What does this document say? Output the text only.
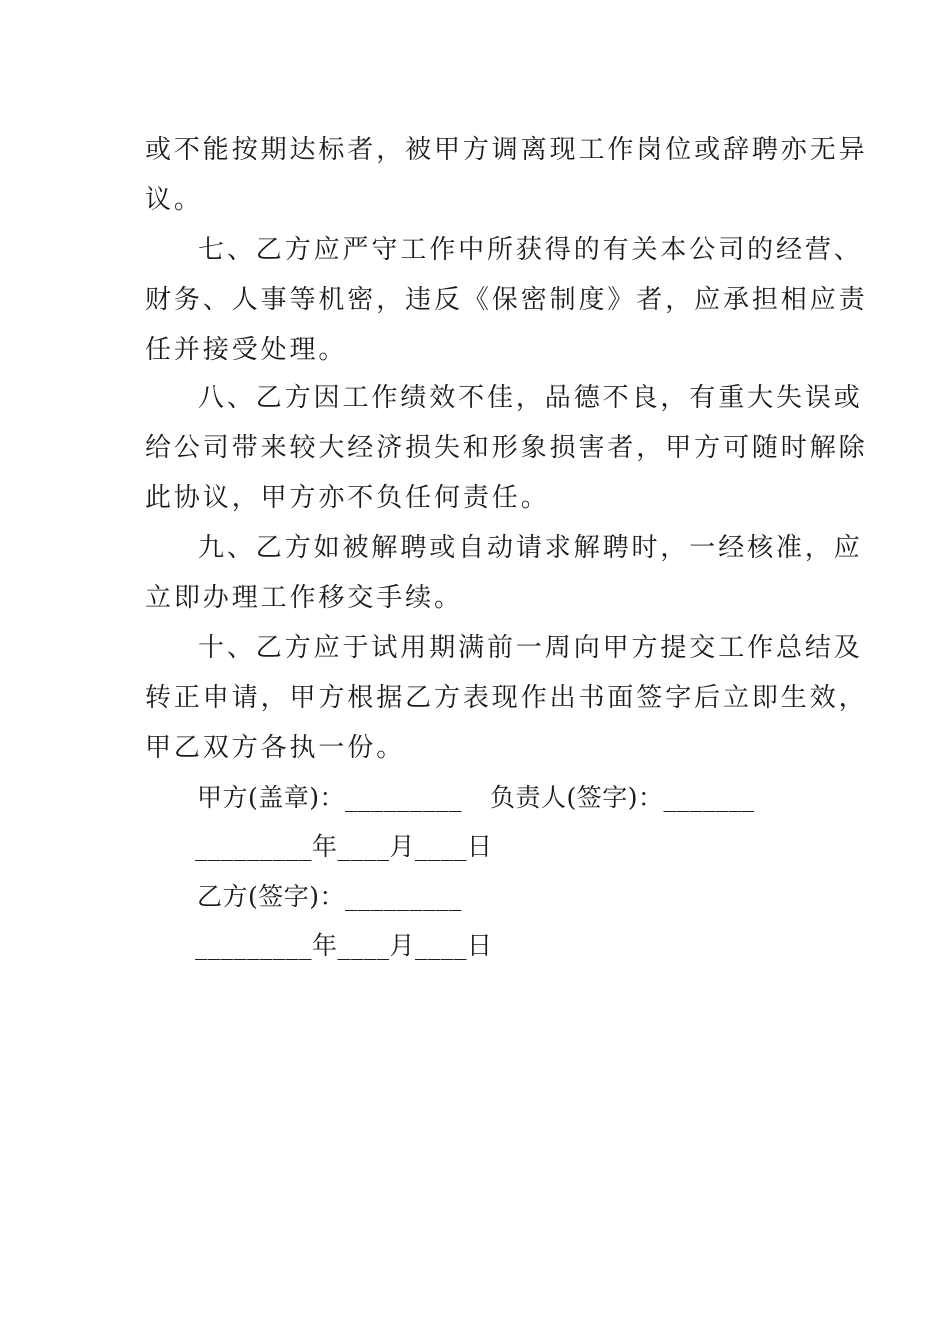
或不能按期达标者，被甲方调离现工作岗位或辞聘亦无异
议。
七、乙方应严守工作中所获得的有关本公司的经营、
财务、人事等机密，违反《保密制度》者，应承担相应责
任并接受处理。
八、乙方因工作绩效不佳，品德不良，有重大失误或
给公司带来较大经济损失和形象损害者，甲方可随时解除
此协议，甲方亦不负任何责任。
九、乙方如被解聘或自动请求解聘时，一经核准，应
立即办理工作移交手续。
十、乙方应于试用期满前一周向甲方提交工作总结及
转正申请，甲方根据乙方表现作出书面签字后立即生效，
甲乙双方各执一份。
甲方(盖章)：_________ 负责人(签字)：_______
_________年____月____日
乙方(签字)：_________
_________年____月____日
